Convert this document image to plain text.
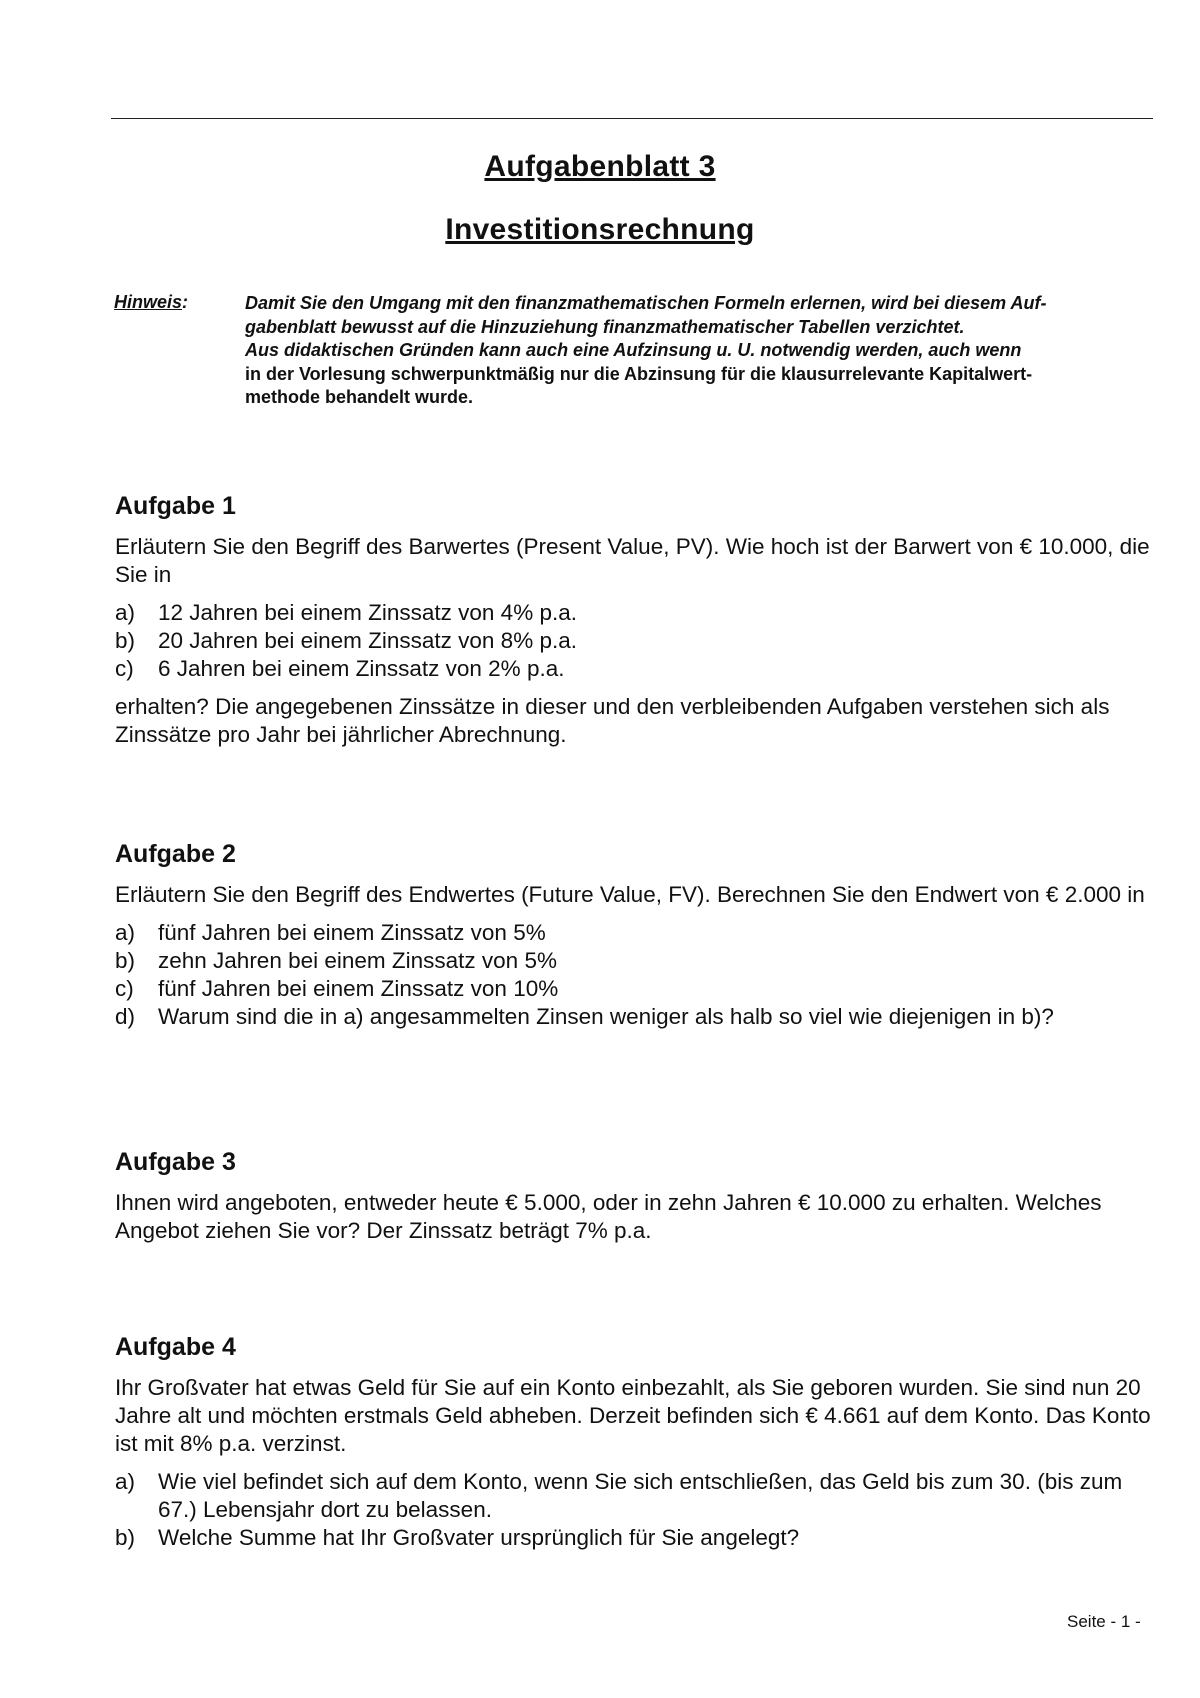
Aufgabenblatt 3
Investitionsrechnung
Hinweis:	Damit Sie den Umgang mit den finanzmathematischen Formeln erlernen, wird bei diesem Auf-
gabenblatt bewusst auf die Hinzuziehung finanzmathematischer Tabellen verzichtet.
Aus didaktischen Gründen kann auch eine Aufzinsung u. U. notwendig werden, auch wenn
in der Vorlesung schwerpunktmäßig nur die Abzinsung für die klausurrelevante Kapitalwert-
methode behandelt wurde.
Aufgabe 1

Erläutern Sie den Begriff des Barwertes (Present Value, PV). Wie hoch ist der Barwert von € 10.000, die Sie in

a) 12 Jahren bei einem Zinssatz von 4% p.a.
b) 20 Jahren bei einem Zinssatz von 8% p.a.
c) 6 Jahren bei einem Zinssatz von 2% p.a.

erhalten? Die angegebenen Zinssätze in dieser und den verbleibenden Aufgaben verstehen sich als Zinssätze pro Jahr bei jährlicher Abrechnung.

Aufgabe 2

Erläutern Sie den Begriff des Endwertes (Future Value, FV). Berechnen Sie den Endwert von € 2.000 in

a) fünf Jahren bei einem Zinssatz von 5%
b) zehn Jahren bei einem Zinssatz von 5%
c) fünf Jahren bei einem Zinssatz von 10%
d) Warum sind die in a) angesammelten Zinsen weniger als halb so viel wie diejenigen in b)?
Aufgabe 3

Ihnen wird angeboten, entweder heute € 5.000, oder in zehn Jahren € 10.000 zu erhalten. Welches Angebot ziehen Sie vor? Der Zinssatz beträgt 7% p.a.

Aufgabe 4

Ihr Großvater hat etwas Geld für Sie auf ein Konto einbezahlt, als Sie geboren wurden. Sie sind nun 20 Jahre alt und möchten erstmals Geld abheben. Derzeit befinden sich € 4.661 auf dem Konto. Das Konto ist mit 8% p.a. verzinst.

a) Wie viel befindet sich auf dem Konto, wenn Sie sich entschließen, das Geld bis zum 30. (bis zum 67.) Lebensjahr dort zu belassen.
b) Welche Summe hat Ihr Großvater ursprünglich für Sie angelegt?
Seite - 1 -
